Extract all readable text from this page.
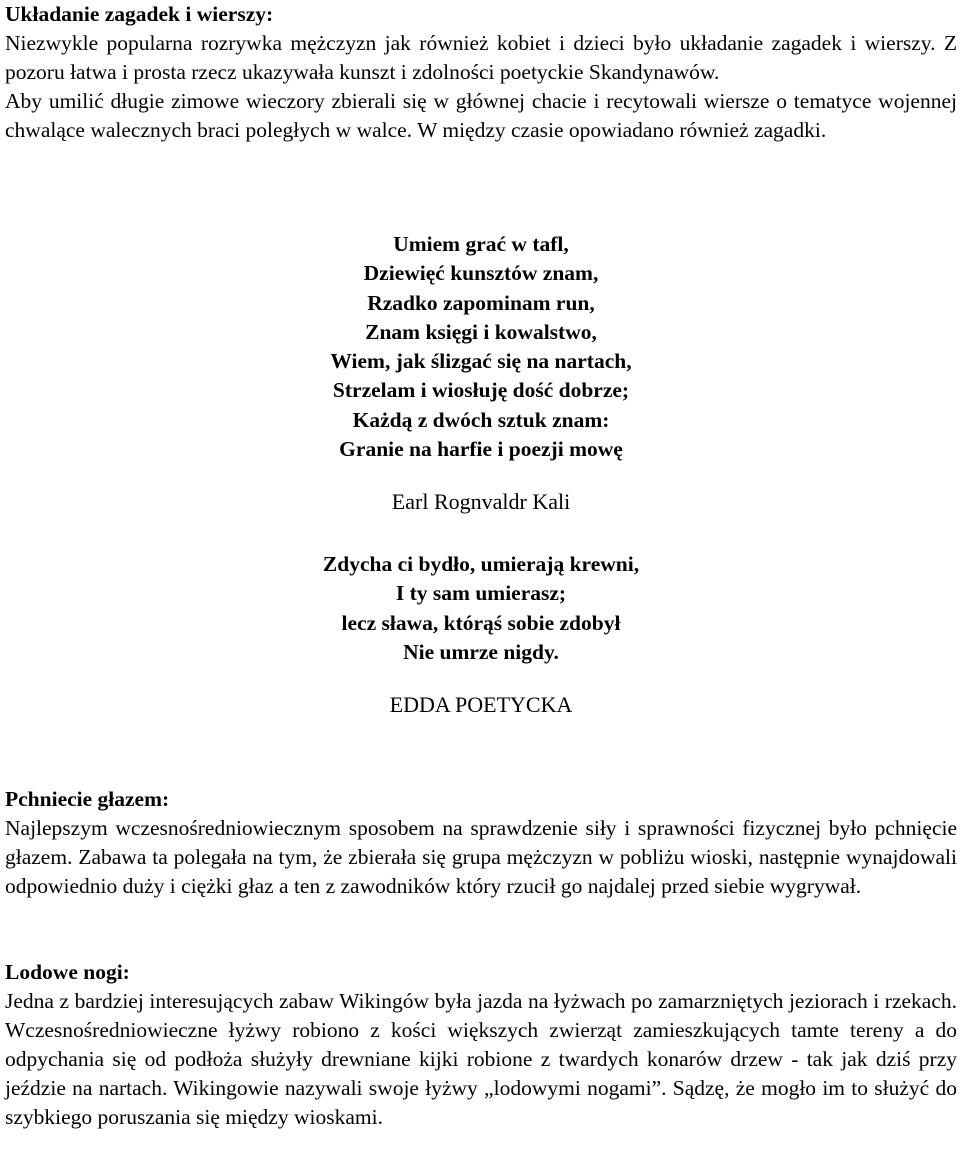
Układanie zagadek i wierszy:

Niezwykle popularna rozrywka mężczyzn jak również kobiet i dzieci było układanie zagadek i wierszy. Z pozoru łatwa i prosta rzecz ukazywała kunszt i zdolności poetyckie Skandynawów.

Aby umilić długie zimowe wieczory zbierali się w głównej chacie i recytowali wiersze o tematyce wojennej chwalące walecznych braci poległych w walce. W między czasie opowiadano również zagadki.

Umiem grać w tafl,
Dziewięć kunsztów znam,
Rzadko zapominam run,
Znam księgi i kowalstwo,
Wiem, jak ślizgać się na nartach,
Strzelam i wiosłuję dość dobrze;
Każdą z dwóch sztuk znam:
Granie na harfie i poezji mowę
Earl Rognvaldr Kali
Zdycha ci bydło, umierają krewni,
I ty sam umierasz;
lecz sława, którąś sobie zdobył
Nie umrze nigdy.
EDDA POETYCKA

Pchniecie głazem:

Najlepszym wczesnośredniowiecznym sposobem na sprawdzenie siły i sprawności fizycznej było pchnięcie głazem. Zabawa ta polegała na tym, że zbierała się grupa mężczyzn w pobliżu wioski, następnie wynajdowali odpowiednio duży i ciężki głaz a ten z zawodników który rzucił go najdalej przed siebie wygrywał.

Lodowe nogi:

Jedna z bardziej interesujących zabaw Wikingów była jazda na łyżwach po zamarzniętych jeziorach i rzekach. Wczesnośredniowieczne łyżwy robiono z kości większych zwierząt zamieszkujących tamte tereny a do odpychania się od podłoża służyły drewniane kijki robione z twardych konarów drzew - tak jak dziś przy jeździe na nartach. Wikingowie nazywali swoje łyżwy „lodowymi nogami”. Sądzę, że mogło im to służyć do szybkiego poruszania się między wioskami.
